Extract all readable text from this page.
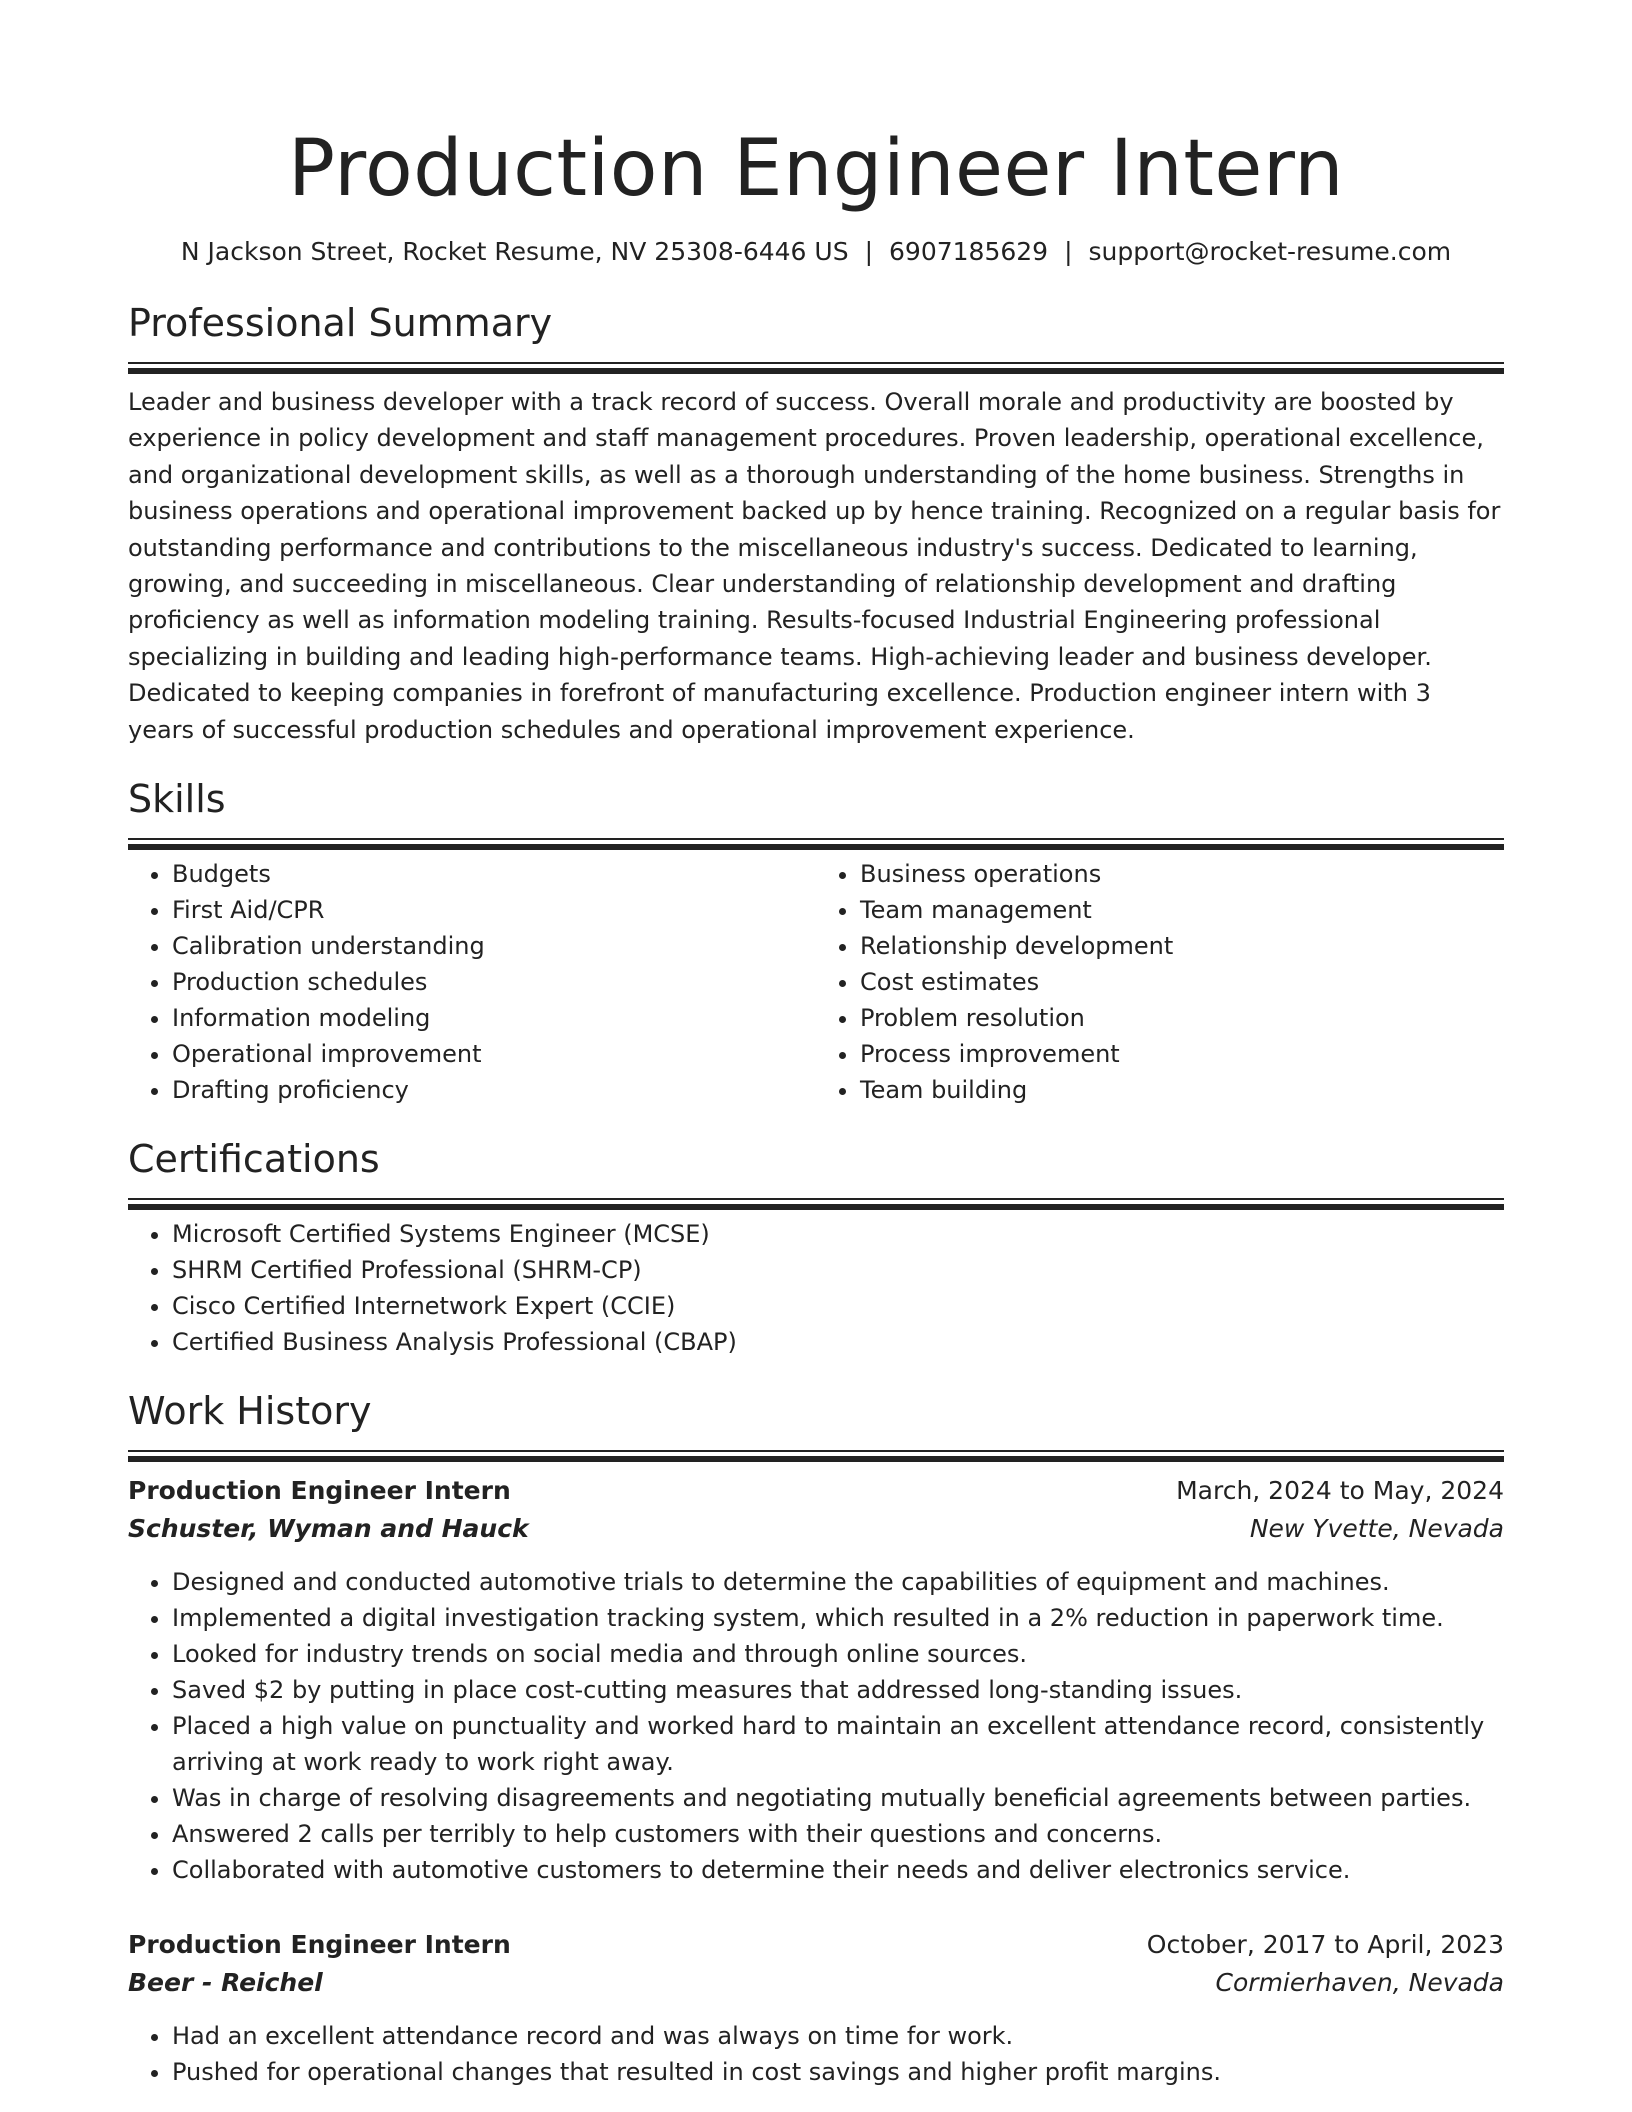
Production Engineer Intern
N Jackson Street, Rocket Resume, NV 25308-6446 US | 6907185629 | support@rocket-resume.com
Professional Summary

Leader and business developer with a track record of success. Overall morale and productivity are boosted by experience in policy development and staff management procedures. Proven leadership, operational excellence, and organizational development skills, as well as a thorough understanding of the home business. Strengths in business operations and operational improvement backed up by hence training. Recognized on a regular basis for outstanding performance and contributions to the miscellaneous industry's success. Dedicated to learning, growing, and succeeding in miscellaneous. Clear understanding of relationship development and drafting proficiency as well as information modeling training. Results-focused Industrial Engineering professional specializing in building and leading high-performance teams. High-achieving leader and business developer. Dedicated to keeping companies in forefront of manufacturing excellence. Production engineer intern with 3 years of successful production schedules and operational improvement experience.

Skills
• Budgets
• First Aid/CPR
• Calibration understanding
• Production schedules
• Information modeling
• Operational improvement
• Drafting proficiency
• Business operations
• Team management
• Relationship development
• Cost estimates
• Problem resolution
• Process improvement
• Team building
Certifications
• Microsoft Certified Systems Engineer (MCSE)
• SHRM Certified Professional (SHRM-CP)
• Cisco Certified Internetwork Expert (CCIE)
• Certified Business Analysis Professional (CBAP)
Work History
Production Engineer Intern	March, 2024 to May, 2024
Schuster, Wyman and Hauck	New Yvette, Nevada
• Designed and conducted automotive trials to determine the capabilities of equipment and machines.
• Implemented a digital investigation tracking system, which resulted in a 2% reduction in paperwork time.
• Looked for industry trends on social media and through online sources.
• Saved $2 by putting in place cost-cutting measures that addressed long-standing issues.
• Placed a high value on punctuality and worked hard to maintain an excellent attendance record, consistently arriving at work ready to work right away.
• Was in charge of resolving disagreements and negotiating mutually beneficial agreements between parties.
• Answered 2 calls per terribly to help customers with their questions and concerns.
• Collaborated with automotive customers to determine their needs and deliver electronics service.
Production Engineer Intern	October, 2017 to April, 2023
Beer - Reichel	Cormierhaven, Nevada
• Had an excellent attendance record and was always on time for work.
• Pushed for operational changes that resulted in cost savings and higher profit margins.
